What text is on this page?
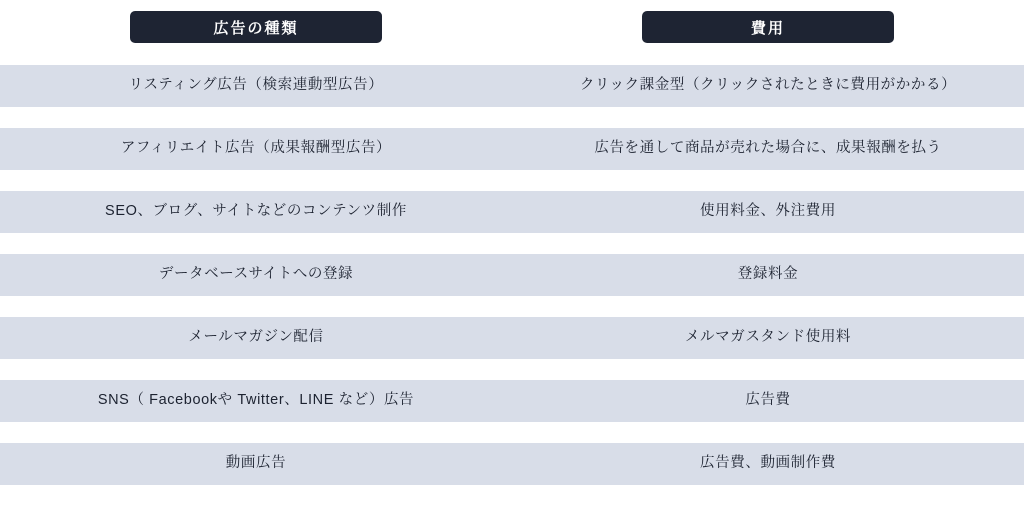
広告の種類	費用
リスティング広告（検索連動型広告）	クリック課金型（クリックされたときに費用がかかる）
アフィリエイト広告（成果報酬型広告）	広告を通して商品が売れた場合に、成果報酬を払う
SEO、ブログ、サイトなどのコンテンツ制作	使用料金、外注費用
データベースサイトへの登録	登録料金
メールマガジン配信	メルマガスタンド使用料
SNS（ Facebookや Twitter、LINE など）広告	広告費
動画広告	広告費、動画制作費
